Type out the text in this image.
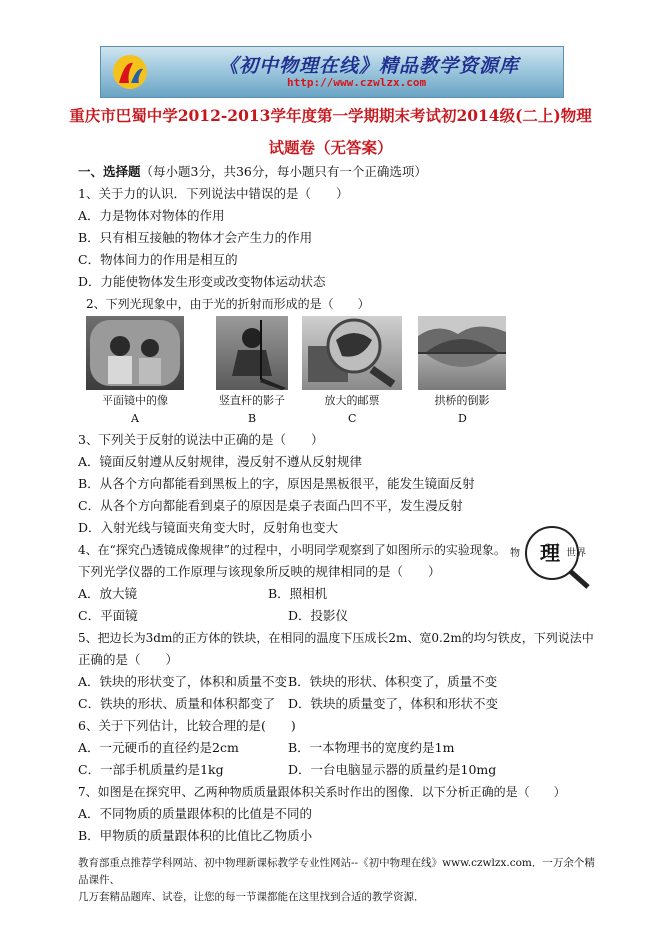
《初中物理在线》精品教学资源库
http://www.czwlzx.com
重庆市巴蜀中学2012-2013学年度第一学期期末考试初2014级(二上)物理
试题卷（无答案）
一、选择题（每小题3分，共36分，每小题只有一个正确选项）
1、关于力的认识．下列说法中错误的是（　　）
A．力是物体对物体的作用
B．只有相互接触的物体才会产生力的作用
C．物体间力的作用是相互的
D．力能使物体发生形变或改变物体运动状态
2、下列光现象中，由于光的折射而形成的是（　　）
平面镜中的像	竖直杆的影子	放大的邮票	拱桥的倒影
A	B	C	D
3、下列关于反射的说法中正确的是（　　）
A．镜面反射遵从反射规律，漫反射不遵从反射规律
B．从各个方向都能看到黑板上的字，原因是黑板很平，能发生镜面反射
C．从各个方向都能看到桌子的原因是桌子表面凸凹不平，发生漫反射
D．入射光线与镜面夹角变大时，反射角也变大
4、在“探究凸透镜成像规律”的过程中，小明同学观察到了如图所示的实验现象。
下列光学仪器的工作原理与该现象所反映的规律相同的是（　　）
物 理 世界
A．放大镜	B．照相机
C．平面镜	D．投影仪
5、把边长为3dm的正方体的铁块，在相同的温度下压成长2m、宽0.2m的均匀铁皮，下列说法中
正确的是（　　）
A．铁块的形状变了，体积和质量不变 B．铁块的形状、体积变了，质量不变
C．铁块的形状、质量和体积都变了 D．铁块的质量变了，体积和形状不变
6、关于下列估计，比较合理的是(　　)
A．一元硬币的直径约是2cm	B．一本物理书的宽度约是1m
C．一部手机质量约是1kg	D．一台电脑显示器的质量约是10mg
7、如图是在探究甲、乙两种物质质量跟体积关系时作出的图像．以下分析正确的是（　　）
A．不同物质的质量跟体积的比值是不同的
B．甲物质的质量跟体积的比值比乙物质小
教育部重点推荐学科网站、初中物理新课标教学专业性网站--《初中物理在线》www.czwlzx.com．一万余个精品课件、
几万套精品题库、试卷，让您的每一节课都能在这里找到合适的教学资源．
